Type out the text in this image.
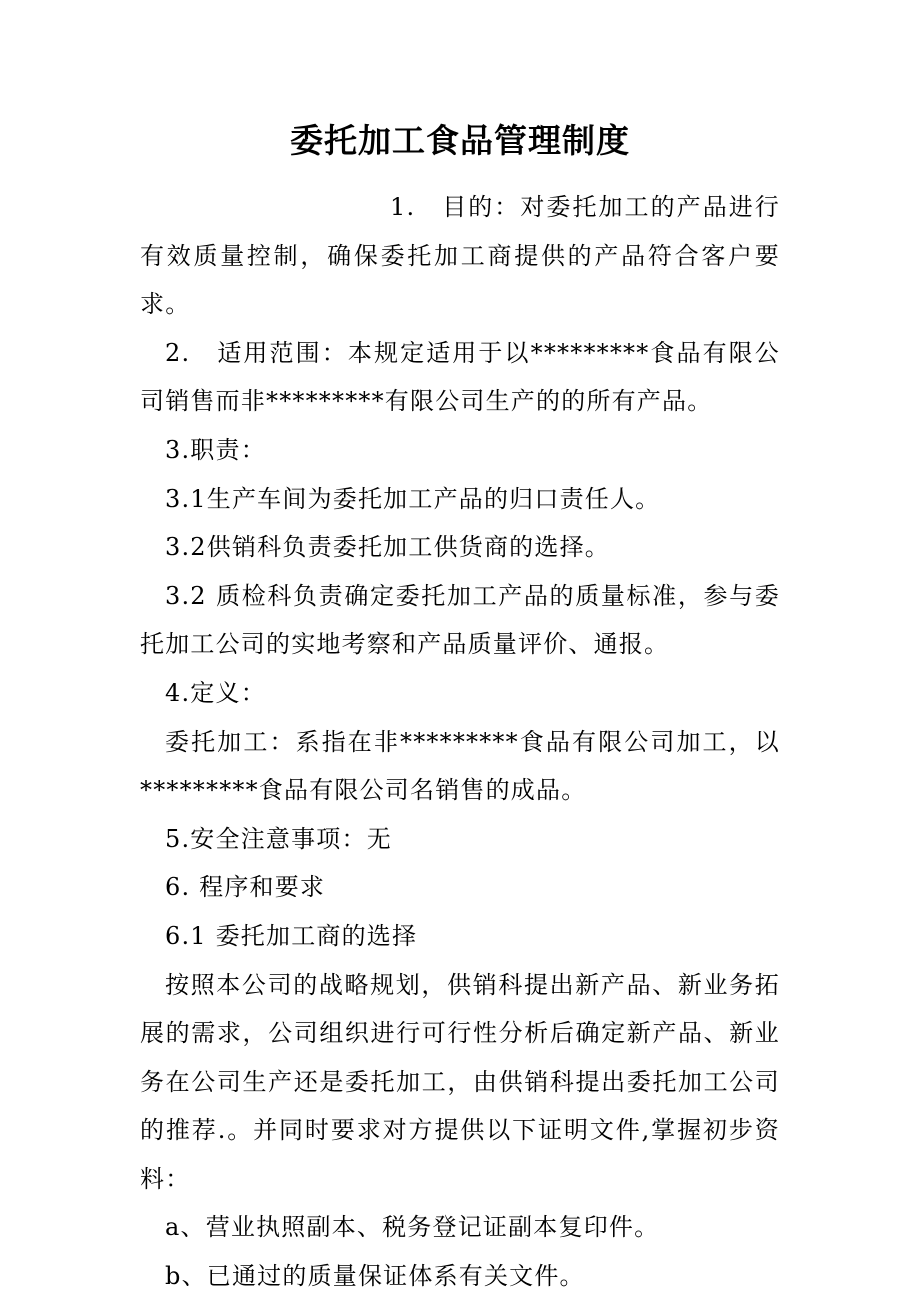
委托加工食品管理制度

1.　目的：对委托加工的产品进行有效质量控制，确保委托加工商提供的产品符合客户要求。

2.　适用范围：本规定适用于以*********食品有限公司销售而非*********有限公司生产的的所有产品。

3.职责：

3.1生产车间为委托加工产品的归口责任人。

3.2供销科负责委托加工供货商的选择。

3.2 质检科负责确定委托加工产品的质量标准，参与委托加工公司的实地考察和产品质量评价、通报。

4.定义：

委托加工：系指在非*********食品有限公司加工，以*********食品有限公司名销售的成品。

5.安全注意事项：无

6. 程序和要求

6.1 委托加工商的选择

按照本公司的战略规划，供销科提出新产品、新业务拓展的需求，公司组织进行可行性分析后确定新产品、新业务在公司生产还是委托加工，由供销科提出委托加工公司的推荐.。并同时要求对方提供以下证明文件,掌握初步资料：

a、营业执照副本、税务登记证副本复印件。

b、已通过的质量保证体系有关文件。
